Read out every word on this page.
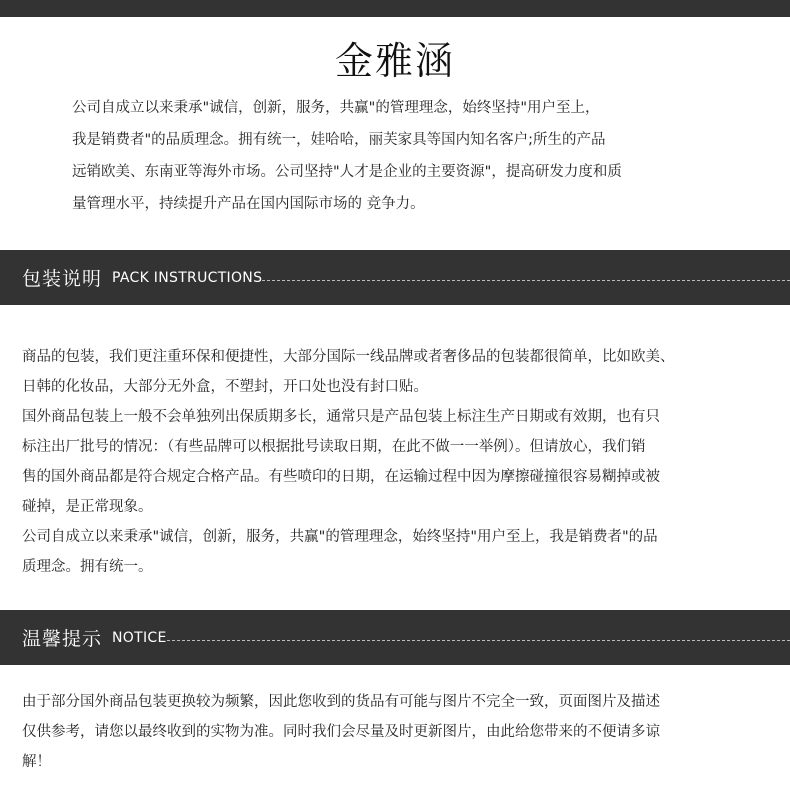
金雅涵

公司自成立以来秉承"诚信，创新，服务，共赢"的管理理念，始终坚持"用户至上，

我是销费者"的品质理念。拥有统一，娃哈哈，丽芙家具等国内知名客户;所生的产品

远销欧美、东南亚等海外市场。公司坚持"人才是企业的主要资源"，提高研发力度和质

量管理水平，持续提升产品在国内国际市场的 竞争力。

包装说明 PACK INSTRUCTIONS

商品的包装，我们更注重环保和便捷性，大部分国际一线品牌或者奢侈品的包装都很简单，比如欧美、

日韩的化妆品，大部分无外盒，不塑封，开口处也没有封口贴。

国外商品包装上一般不会单独列出保质期多长，通常只是产品包装上标注生产日期或有效期，也有只

标注出厂批号的情况：（有些品牌可以根据批号读取日期，在此不做一一举例）。但请放心，我们销

售的国外商品都是符合规定合格产品。有些喷印的日期，在运输过程中因为摩擦碰撞很容易糊掉或被

碰掉，是正常现象。

公司自成立以来秉承"诚信，创新，服务，共赢"的管理理念，始终坚持"用户至上，我是销费者"的品

质理念。拥有统一。

温馨提示 NOTICE

由于部分国外商品包装更换较为频繁，因此您收到的货品有可能与图片不完全一致，页面图片及描述

仅供参考，请您以最终收到的实物为准。同时我们会尽量及时更新图片，由此给您带来的不便请多谅

解！
